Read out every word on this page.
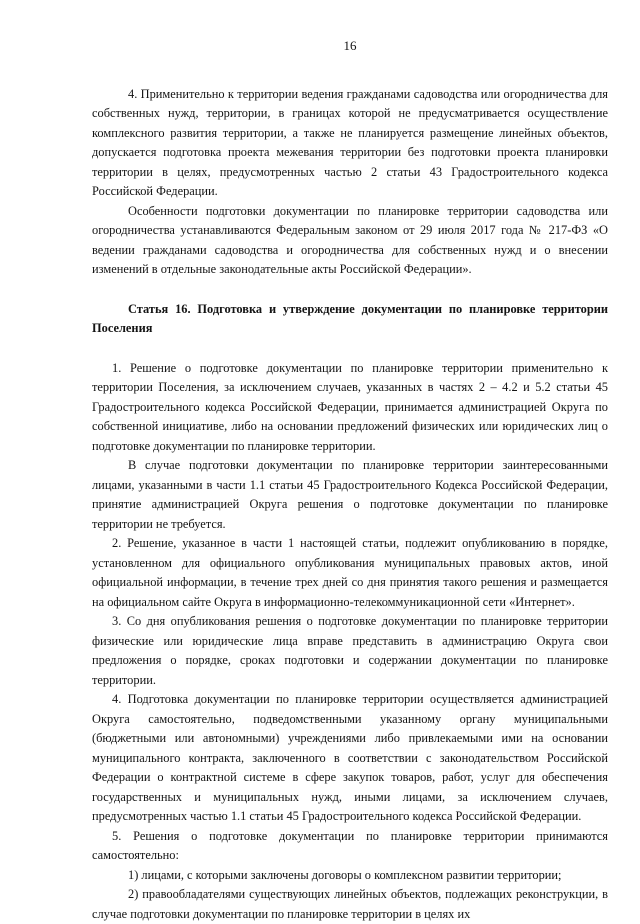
16

4. Применительно к территории ведения гражданами садоводства или огородничества для собственных нужд, территории, в границах которой не предусматривается осуществление комплексного развития территории, а также не планируется размещение линейных объектов, допускается подготовка проекта межевания территории без подготовки проекта планировки территории в целях, предусмотренных частью 2 статьи 43 Градостроительного кодекса Российской Федерации.

Особенности подготовки документации по планировке территории садоводства или огородничества устанавливаются Федеральным законом от 29 июля 2017 года № 217-ФЗ «О ведении гражданами садоводства и огородничества для собственных нужд и о внесении изменений в отдельные законодательные акты Российской Федерации».

Статья 16. Подготовка и утверждение документации по планировке территории Поселения

1. Решение о подготовке документации по планировке территории применительно к территории Поселения, за исключением случаев, указанных в частях 2 – 4.2 и 5.2 статьи 45 Градостроительного кодекса Российской Федерации, принимается администрацией Округа по собственной инициативе, либо на основании предложений физических или юридических лиц о подготовке документации по планировке территории.

В случае подготовки документации по планировке территории заинтересованными лицами, указанными в части 1.1 статьи 45 Градостроительного Кодекса Российской Федерации, принятие администрацией Округа решения о подготовке документации по планировке территории не требуется.

2. Решение, указанное в части 1 настоящей статьи, подлежит опубликованию в порядке, установленном для официального опубликования муниципальных правовых актов, иной официальной информации, в течение трех дней со дня принятия такого решения и размещается на официальном сайте Округа в информационно-телекоммуникационной сети «Интернет».

3. Со дня опубликования решения о подготовке документации по планировке территории физические или юридические лица вправе представить в администрацию Округа свои предложения о порядке, сроках подготовки и содержании документации по планировке территории.

4. Подготовка документации по планировке территории осуществляется администрацией Округа самостоятельно, подведомственными указанному органу муниципальными (бюджетными или автономными) учреждениями либо привлекаемыми ими на основании муниципального контракта, заключенного в соответствии с законодательством Российской Федерации о контрактной системе в сфере закупок товаров, работ, услуг для обеспечения государственных и муниципальных нужд, иными лицами, за исключением случаев, предусмотренных частью 1.1 статьи 45 Градостроительного кодекса Российской Федерации.

5. Решения о подготовке документации по планировке территории принимаются самостоятельно:

1) лицами, с которыми заключены договоры о комплексном развитии территории;

2) правообладателями существующих линейных объектов, подлежащих реконструкции, в случае подготовки документации по планировке территории в целях их
